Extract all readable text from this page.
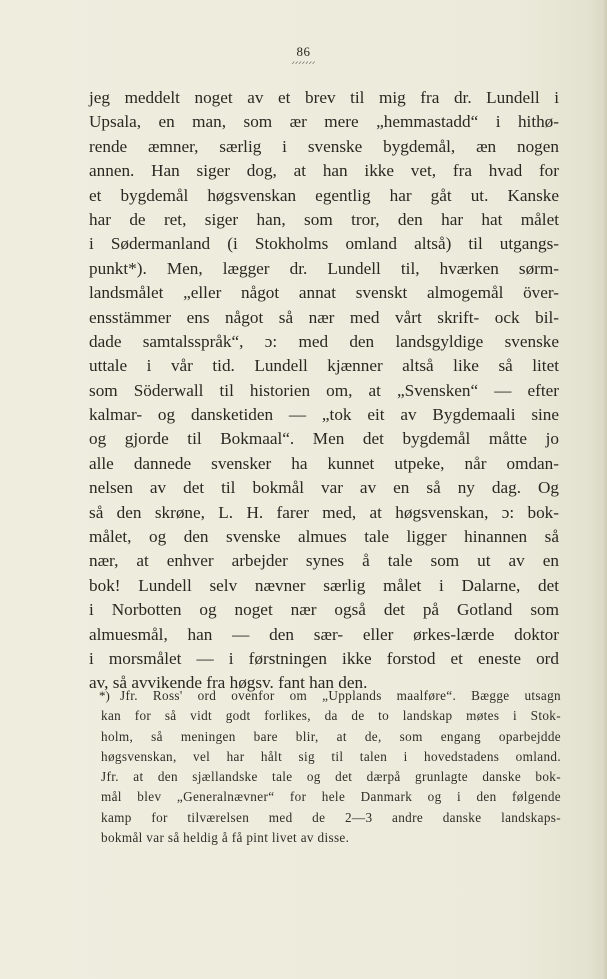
86
ᐟᐟᐟᐟᐟᐟᐟ
jeg meddelt noget av et brev til mig fra dr. Lundell i
Upsala, en man, som ær mere „hemmastadd“ i hithø-
rende æmner, særlig i svenske bygdemål, æn nogen
annen. Han siger dog, at han ikke vet, fra hvad for
et bygdemål høgsvenskan egentlig har gåt ut. Kanske
har de ret, siger han, som tror, den har hat målet
i Sødermanland (i Stokholms omland altså) til utgangs-
punkt*). Men, lægger dr. Lundell til, hværken sørm-
landsmålet „eller något annat svenskt almogemål över-
ensstämmer ens något så nær med vårt skrift- ock bil-
dade samtalsspråk“, ɔ: med den landsgyldige svenske
uttale i vår tid. Lundell kjænner altså like så litet
som Söderwall til historien om, at „Svensken“ — efter
kalmar- og dansketiden — „tok eit av Bygdemaali sine
og gjorde til Bokmaal“. Men det bygdemål måtte jo
alle dannede svensker ha kunnet utpeke, når omdan-
nelsen av det til bokmål var av en så ny dag. Og
så den skrøne, L. H. farer med, at høgsvenskan, ɔ: bok-
målet, og den svenske almues tale ligger hinannen så
nær, at enhver arbejder synes å tale som ut av en
bok! Lundell selv nævner særlig målet i Dalarne, det
i Norbotten og noget nær også det på Gotland som
almuesmål, han — den sær- eller ørkes-lærde doktor
i morsmålet — i førstningen ikke forstod et eneste ord
av, så avvikende fra høgsv. fant han den.
*) Jfr. Ross' ord ovenfor om „Upplands maalføre“. Bægge utsagn
kan for så vidt godt forlikes, da de to landskap møtes i Stok-
holm, så meningen bare blir, at de, som engang oparbejdde
høgsvenskan, vel har hålt sig til talen i hovedstadens omland.
Jfr. at den sjællandske tale og det dærpå grunlagte danske bok-
mål blev „Generalnævner“ for hele Danmark og i den følgende
kamp for tilværelsen med de 2—3 andre danske landskaps-
bokmål var så heldig å få pint livet av disse.
